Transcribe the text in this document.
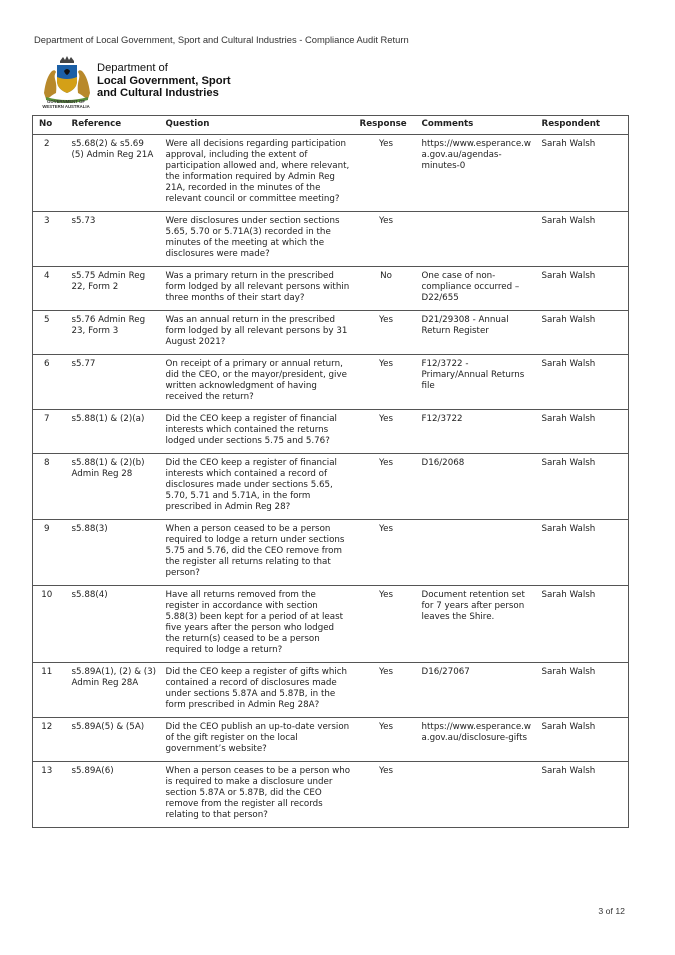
Department of Local Government, Sport and Cultural Industries - Compliance Audit Return
GOVERNMENT OF
WESTERN AUSTRALIA
Department of
Local Government, Sport
and Cultural Industries
No	Reference	Question	Response	Comments	Respondent
2	s5.68(2) & s5.69 (5) Admin Reg 21A	Were all decisions regarding participation approval, including the extent of participation allowed and, where relevant, the information required by Admin Reg 21A, recorded in the minutes of the relevant council or committee meeting?	Yes	https://www.esperance.wa.gov.au/agendas-minutes-0	Sarah Walsh
3	s5.73	Were disclosures under section sections 5.65, 5.70 or 5.71A(3) recorded in the minutes of the meeting at which the disclosures were made?	Yes		Sarah Walsh
4	s5.75 Admin Reg 22, Form 2	Was a primary return in the prescribed form lodged by all relevant persons within three months of their start day?	No	One case of non-compliance occurred – D22/655	Sarah Walsh
5	s5.76 Admin Reg 23, Form 3	Was an annual return in the prescribed form lodged by all relevant persons by 31 August 2021?	Yes	D21/29308 - Annual Return Register	Sarah Walsh
6	s5.77	On receipt of a primary or annual return, did the CEO, or the mayor/president, give written acknowledgment of having received the return?	Yes	F12/3722 - Primary/Annual Returns file	Sarah Walsh
7	s5.88(1) & (2)(a)	Did the CEO keep a register of financial interests which contained the returns lodged under sections 5.75 and 5.76?	Yes	F12/3722	Sarah Walsh
8	s5.88(1) & (2)(b) Admin Reg 28	Did the CEO keep a register of financial interests which contained a record of disclosures made under sections 5.65, 5.70, 5.71 and 5.71A, in the form prescribed in Admin Reg 28?	Yes	D16/2068	Sarah Walsh
9	s5.88(3)	When a person ceased to be a person required to lodge a return under sections 5.75 and 5.76, did the CEO remove from the register all returns relating to that person?	Yes		Sarah Walsh
10	s5.88(4)	Have all returns removed from the register in accordance with section 5.88(3) been kept for a period of at least five years after the person who lodged the return(s) ceased to be a person required to lodge a return?	Yes	Document retention set for 7 years after person leaves the Shire.	Sarah Walsh
11	s5.89A(1), (2) & (3) Admin Reg 28A	Did the CEO keep a register of gifts which contained a record of disclosures made under sections 5.87A and 5.87B, in the form prescribed in Admin Reg 28A?	Yes	D16/27067	Sarah Walsh
12	s5.89A(5) & (5A)	Did the CEO publish an up-to-date version of the gift register on the local government’s website?	Yes	https://www.esperance.wa.gov.au/disclosure-gifts	Sarah Walsh
13	s5.89A(6)	When a person ceases to be a person who is required to make a disclosure under section 5.87A or 5.87B, did the CEO remove from the register all records relating to that person?	Yes		Sarah Walsh
3 of 12
